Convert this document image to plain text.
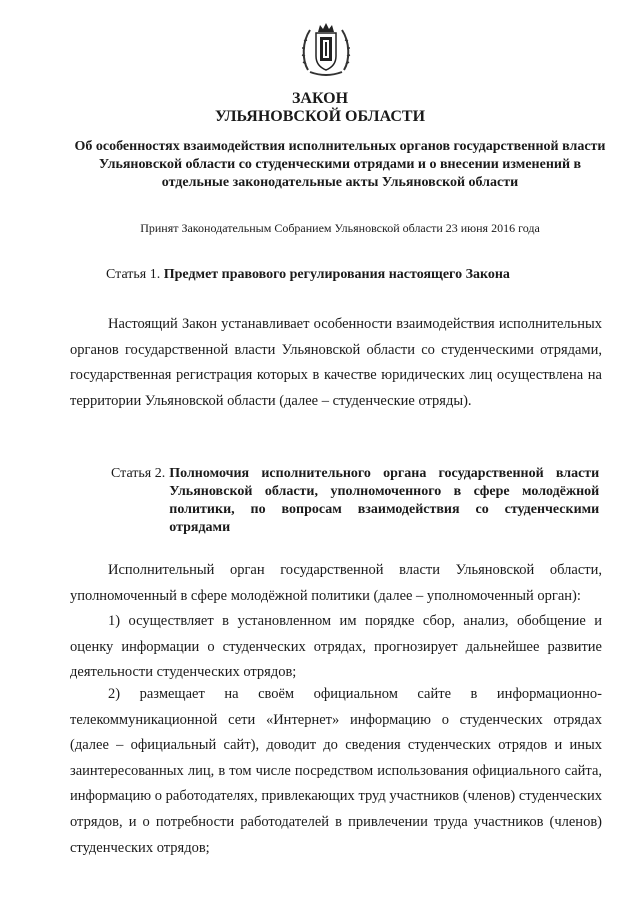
ЗАКОН
УЛЬЯНОВСКОЙ ОБЛАСТИ
Об особенностях взаимодействия исполнительных органов государственной власти Ульяновской области со студенческими отрядами и о внесении изменений в отдельные законодательные акты Ульяновской области
Принят Законодательным Собранием Ульяновской области 23 июня 2016 года
Статья 1. Предмет правового регулирования настоящего Закона
Настоящий Закон устанавливает особенности взаимодействия исполнительных органов государственной власти Ульяновской области со студенческими отрядами, государственная регистрация которых в качестве юридических лиц осуществлена на территории Ульяновской области (далее – студенческие отряды).
Статья 2. Полномочия исполнительного органа государственной власти Ульяновской области, уполномоченного в сфере молодёжной политики, по вопросам взаимодействия со студенческими отрядами
Исполнительный орган государственной власти Ульяновской области, уполномоченный в сфере молодёжной политики (далее – уполномоченный орган):
1) осуществляет в установленном им порядке сбор, анализ, обобщение и оценку информации о студенческих отрядах, прогнозирует дальнейшее развитие деятельности студенческих отрядов;
2) размещает на своём официальном сайте в информационно-телекоммуникационной сети «Интернет» информацию о студенческих отрядах (далее – официальный сайт), доводит до сведения студенческих отрядов и иных заинтересованных лиц, в том числе посредством использования официального сайта, информацию о работодателях, привлекающих труд участников (членов) студенческих отрядов, и о потребности работодателей в привлечении труда участников (членов) студенческих отрядов;
